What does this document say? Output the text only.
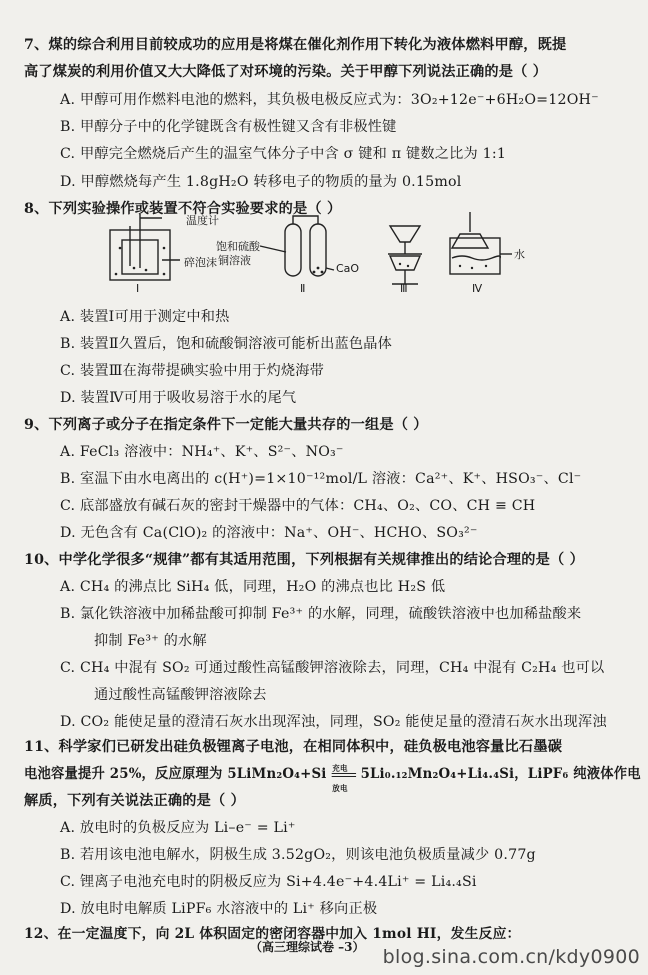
7、煤的综合利用目前较成功的应用是将煤在催化剂作用下转化为液体燃料甲醇，既提
高了煤炭的利用价值又大大降低了对环境的污染。关于甲醇下列说法正确的是（ ）
A. 甲醇可用作燃料电池的燃料，其负极电极反应式为：3O₂+12e⁻+6H₂O=12OH⁻
B. 甲醇分子中的化学键既含有极性键又含有非极性键
C. 甲醇完全燃烧后产生的温室气体分子中含 σ 键和 π 键数之比为 1:1
D. 甲醇燃烧每产生 1.8gH₂O 转移电子的物质的量为 0.15mol
8、下列实验操作或装置不符合实验要求的是（ ）
温度计
碎泡沫
饱和硫酸
铜溶液
CaO
水
Ⅰ	Ⅱ	Ⅲ	Ⅳ
A. 装置Ⅰ可用于测定中和热
B. 装置Ⅱ久置后，饱和硫酸铜溶液可能析出蓝色晶体
C. 装置Ⅲ在海带提碘实验中用于灼烧海带
D. 装置Ⅳ可用于吸收易溶于水的尾气
9、下列离子或分子在指定条件下一定能大量共存的一组是（ ）
A. FeCl₃ 溶液中：NH₄⁺、K⁺、S²⁻、NO₃⁻
B. 室温下由水电离出的 c(H⁺)=1×10⁻¹²mol/L 溶液：Ca²⁺、K⁺、HSO₃⁻、Cl⁻
C. 底部盛放有碱石灰的密封干燥器中的气体：CH₄、O₂、CO、CH ≡ CH
D. 无色含有 Ca(ClO)₂ 的溶液中：Na⁺、OH⁻、HCHO、SO₃²⁻
10、中学化学很多“规律”都有其适用范围，下列根据有关规律推出的结论合理的是（ ）
A. CH₄ 的沸点比 SiH₄ 低，同理，H₂O 的沸点也比 H₂S 低
B. 氯化铁溶液中加稀盐酸可抑制 Fe³⁺ 的水解，同理，硫酸铁溶液中也加稀盐酸来
抑制 Fe³⁺ 的水解
C. CH₄ 中混有 SO₂ 可通过酸性高锰酸钾溶液除去，同理，CH₄ 中混有 C₂H₄ 也可以
通过酸性高锰酸钾溶液除去
D. CO₂ 能使足量的澄清石灰水出现浑浊，同理，SO₂ 能使足量的澄清石灰水出现浑浊
11、科学家们已研发出硅负极锂离子电池，在相同体积中，硅负极电池容量比石墨碳
电池容量提升 25%，反应原理为 5LiMn₂O₄+Si 充电
放电
5Li₀.₁₂Mn₂O₄+Li₄.₄Si，LiPF₆ 纯液体作电
解质，下列有关说法正确的是（ ）
A. 放电时的负极反应为 Li–e⁻ = Li⁺
B. 若用该电池电解水，阴极生成 3.52gO₂，则该电池负极质量减少 0.77g
C. 锂离子电池充电时的阴极反应为 Si+4.4e⁻+4.4Li⁺ = Li₄.₄Si
D. 放电时电解质 LiPF₆ 水溶液中的 Li⁺ 移向正极
12、在一定温度下，向 2L 体积固定的密闭容器中加入 1mol HI，发生反应：
（高三理综试卷 –3） blog.sina.com.cn/kdy0900
